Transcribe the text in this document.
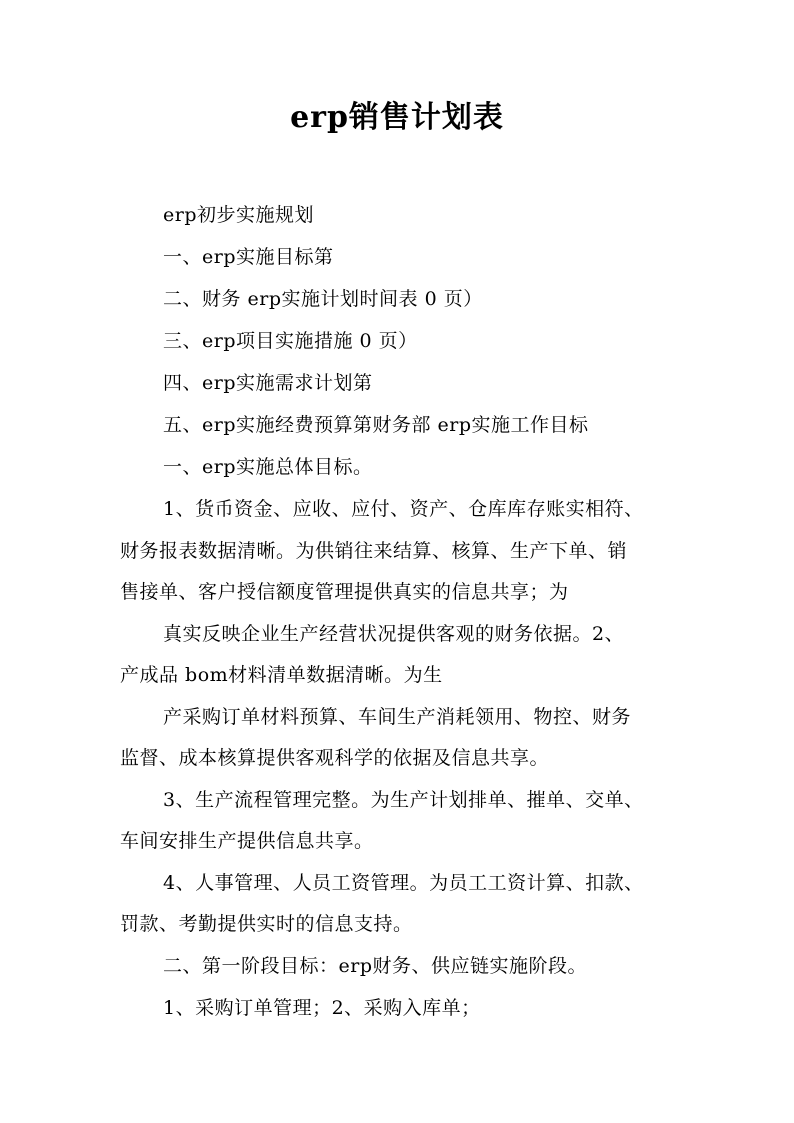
erp销售计划表
erp初步实施规划
一、erp实施目标第
二、财务 erp实施计划时间表 0 页）
三、erp项目实施措施 0 页）
四、erp实施需求计划第
五、erp实施经费预算第财务部 erp实施工作目标
一、erp实施总体目标。
1、货币资金、应收、应付、资产、仓库库存账实相符、
财务报表数据清晰。为供销往来结算、核算、生产下单、销
售接单、客户授信额度管理提供真实的信息共享；为
真实反映企业生产经营状况提供客观的财务依据。2、
产成品 bom材料清单数据清晰。为生
产采购订单材料预算、车间生产消耗领用、物控、财务
监督、成本核算提供客观科学的依据及信息共享。
3、生产流程管理完整。为生产计划排单、摧单、交单、
车间安排生产提供信息共享。
4、人事管理、人员工资管理。为员工工资计算、扣款、
罚款、考勤提供实时的信息支持。
二、第一阶段目标：erp财务、供应链实施阶段。
1、采购订单管理；2、采购入库单；
